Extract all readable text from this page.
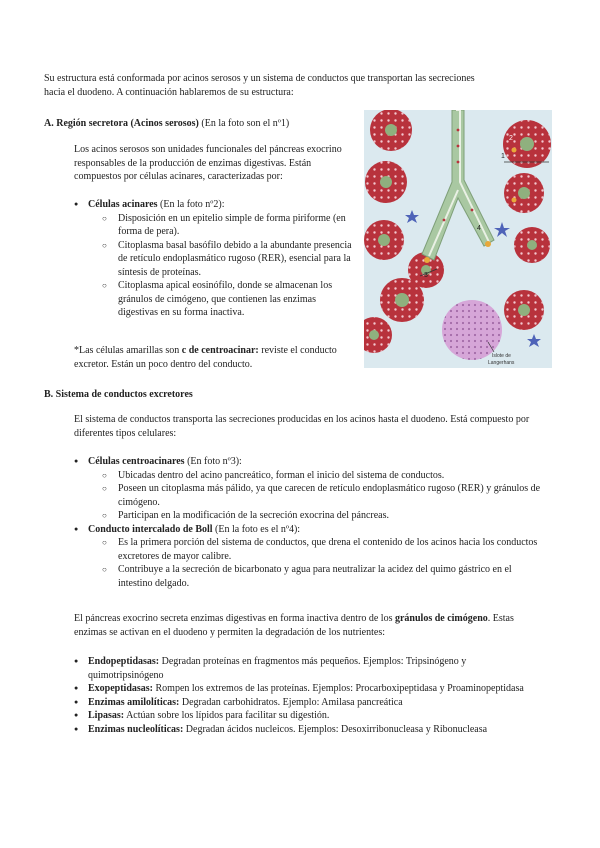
Su estructura está conformada por acinos serosos y un sistema de conductos que transportan las secreciones

hacia el duodeno. A continuación hablaremos de su estructura:

A. Región secretora (Acinos serosos) (En la foto son el nº1)

Los acinos serosos son unidades funcionales del páncreas exocrino responsables de la producción de enzimas digestivas. Están compuestos por células acinares, caracterizadas por:

● Células acinares (En la foto nº2):
○ Disposición en un epitelio simple de forma piriforme (en forma de pera).
○ Citoplasma basal basófilo debido a la abundante presencia de retículo endoplasmático rugoso (RER), esencial para la síntesis de proteínas.
○ Citoplasma apical eosinófilo, donde se almacenan los gránulos de cimógeno, que contienen las enzimas digestivas en su forma inactiva.

*Las células amarillas son c de centroacinar: reviste el conducto excretor. Están un poco dentro del conducto.

1
2
3
4
Islote de
Langerhans
B. Sistema de conductos excretores

El sistema de conductos transporta las secreciones producidas en los acinos hasta el duodeno. Está compuesto por diferentes tipos celulares:

● Células centroacinares (En foto nº3):
○ Ubicadas dentro del acino pancreático, forman el inicio del sistema de conductos.
○ Poseen un citoplasma más pálido, ya que carecen de retículo endoplasmático rugoso (RER) y gránulos de cimógeno.
○ Participan en la modificación de la secreción exocrina del páncreas.
● Conducto intercalado de Boll (En la foto es el nº4):
○ Es la primera porción del sistema de conductos, que drena el contenido de los acinos hacia los conductos excretores de mayor calibre.
○ Contribuye a la secreción de bicarbonato y agua para neutralizar la acidez del quimo gástrico en el intestino delgado.

El páncreas exocrino secreta enzimas digestivas en forma inactiva dentro de los gránulos de cimógeno. Estas enzimas se activan en el duodeno y permiten la degradación de los nutrientes:

● Endopeptidasas: Degradan proteínas en fragmentos más pequeños. Ejemplos: Tripsinógeno y quimotripsinógeno
● Exopeptidasas: Rompen los extremos de las proteínas. Ejemplos: Procarboxipeptidasa y Proaminopeptidasa
● Enzimas amilolíticas: Degradan carbohidratos. Ejemplo: Amilasa pancreática
● Lipasas: Actúan sobre los lípidos para facilitar su digestión.
● Enzimas nucleolíticas: Degradan ácidos nucleicos. Ejemplos: Desoxirribonucleasa y Ribonucleasa
